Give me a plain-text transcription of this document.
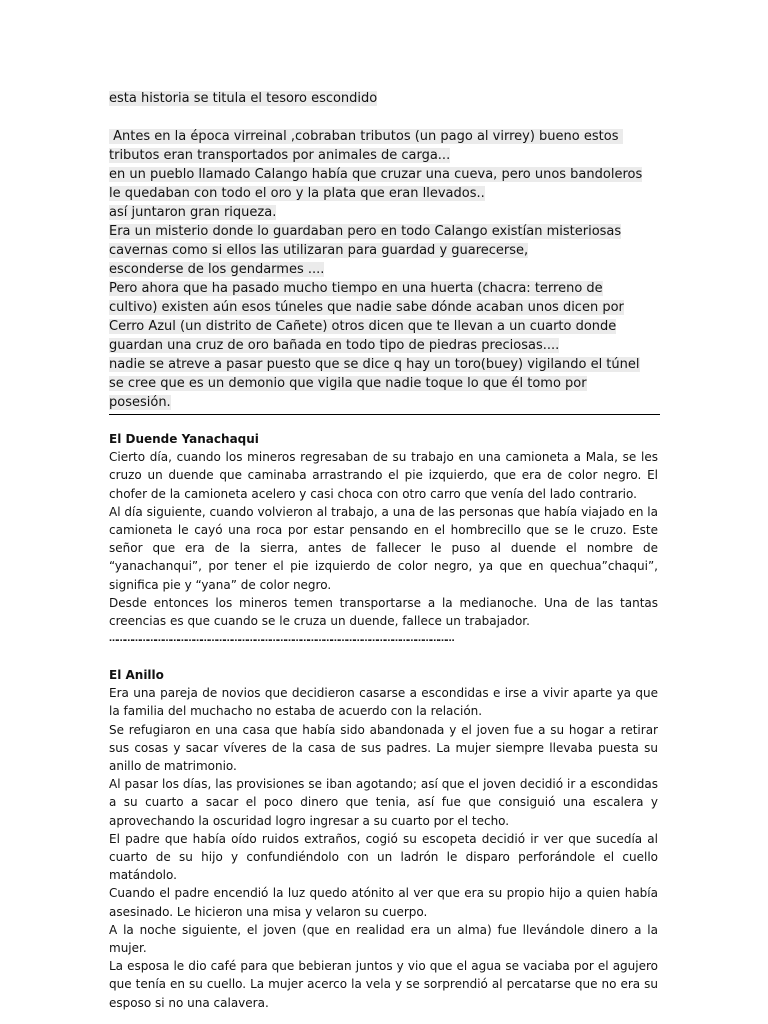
esta historia se titula el tesoro escondido

Antes en la época virreinal ,cobraban tributos (un pago al virrey) bueno estos tributos eran transportados por animales de carga...

en un pueblo llamado Calango había que cruzar una cueva, pero unos bandoleros le quedaban con todo el oro y la plata que eran llevados..

así juntaron gran riqueza.

Era un misterio donde lo guardaban pero en todo Calango existían misteriosas cavernas como si ellos las utilizaran para guardad y guarecerse,

esconderse de los gendarmes ....

Pero ahora que ha pasado mucho tiempo en una huerta (chacra: terreno de cultivo) existen aún esos túneles que nadie sabe dónde acaban unos dicen por Cerro Azul (un distrito de Cañete) otros dicen que te llevan a un cuarto donde guardan una cruz de oro bañada en todo tipo de piedras preciosas....

nadie se atreve a pasar puesto que se dice q hay un toro(buey) vigilando el túnel se cree que es un demonio que vigila que nadie toque lo que él tomo por posesión.

El Duende Yanachaqui

Cierto día, cuando los mineros regresaban de su trabajo en una camioneta a Mala, se les cruzo un duende que caminaba arrastrando el pie izquierdo, que era de color negro. El chofer de la camioneta acelero y casi choca con otro carro que venía del lado contrario.

Al día siguiente, cuando volvieron al trabajo, a una de las personas que había viajado en la camioneta le cayó una roca por estar pensando en el hombrecillo que se le cruzo. Este señor que era de la sierra, antes de fallecer le puso al duende el nombre de “yanachanqui”, por tener el pie izquierdo de color negro, ya que en quechua”chaqui”, significa pie y “yana” de color negro.

Desde entonces los mineros temen transportarse a la medianoche. Una de las tantas creencias es que cuando se le cruza un duende, fallece un trabajador.

………………………………………………………………………………………………………………………
El Anillo

Era una pareja de novios que decidieron casarse a escondidas e irse a vivir aparte ya que la familia del muchacho no estaba de acuerdo con la relación.

Se refugiaron en una casa que había sido abandonada y el joven fue a su hogar a retirar sus cosas y sacar víveres de la casa de sus padres. La mujer siempre llevaba puesta su anillo de matrimonio.

Al pasar los días, las provisiones se iban agotando; así que el joven decidió ir a escondidas a su cuarto a sacar el poco dinero que tenia, así fue que consiguió una escalera y aprovechando la oscuridad logro ingresar a su cuarto por el techo.

El padre que había oído ruidos extraños, cogió su escopeta decidió ir ver que sucedía al cuarto de su hijo y confundiéndolo con un ladrón le disparo perforándole el cuello matándolo.

Cuando el padre encendió la luz quedo atónito al ver que era su propio hijo a quien había asesinado. Le hicieron una misa y velaron su cuerpo.

A la noche siguiente, el joven (que en realidad era un alma) fue llevándole dinero a la mujer.

La esposa le dio café para que bebieran juntos y vio que el agua se vaciaba por el agujero que tenía en su cuello. La mujer acerco la vela y se sorprendió al percatarse que no era su esposo si no una calavera.
